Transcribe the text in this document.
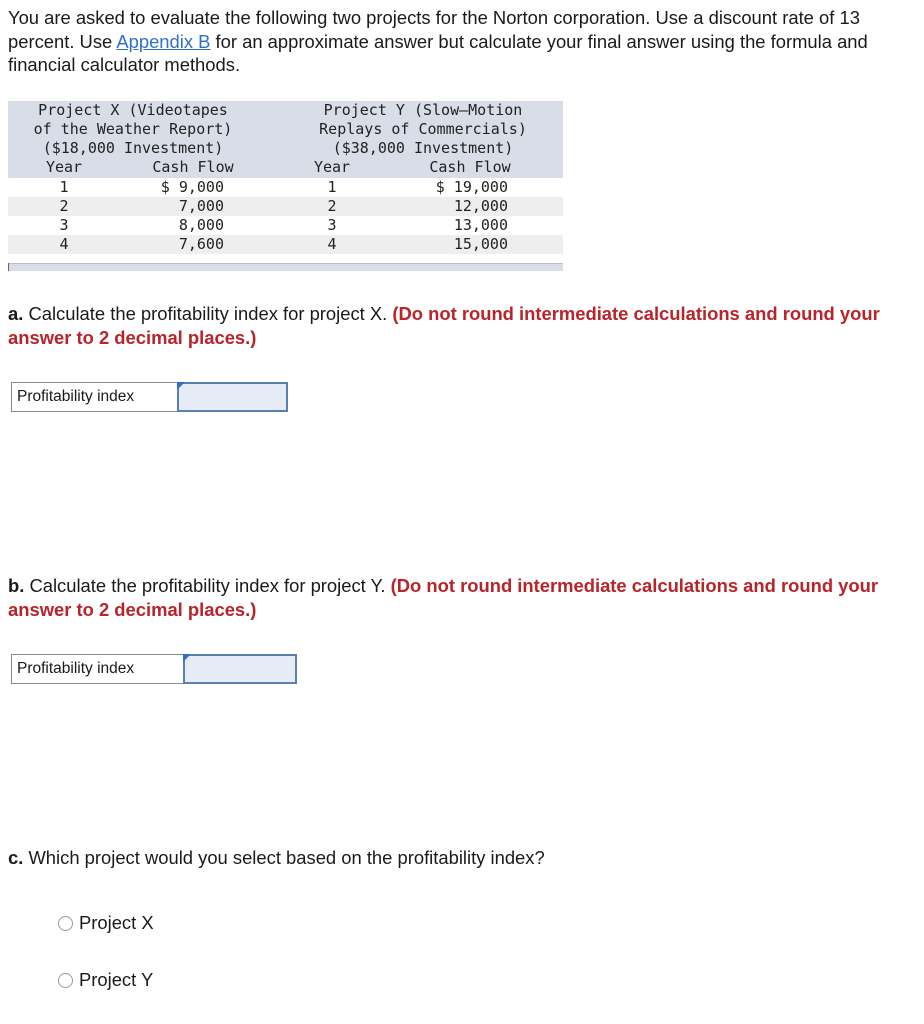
You are asked to evaluate the following two projects for the Norton corporation. Use a discount rate of 13 percent. Use Appendix B for an approximate answer but calculate your final answer using the formula and financial calculator methods.

Project X (Videotapes
of the Weather Report)
($18,000 Investment)
Year	Cash Flow
1	$ 9,000
2	7,000
3	8,000
4	7,600
Project Y (Slow–Motion
Replays of Commercials)
($38,000 Investment)
Year	Cash Flow
1	$ 19,000
2	12,000
3	13,000
4	15,000

a. Calculate the profitability index for project X. (Do not round intermediate calculations and round your answer to 2 decimal places.)

Profitability index

b. Calculate the profitability index for project Y. (Do not round intermediate calculations and round your answer to 2 decimal places.)

Profitability index

c. Which project would you select based on the profitability index?

Project X
Project Y
